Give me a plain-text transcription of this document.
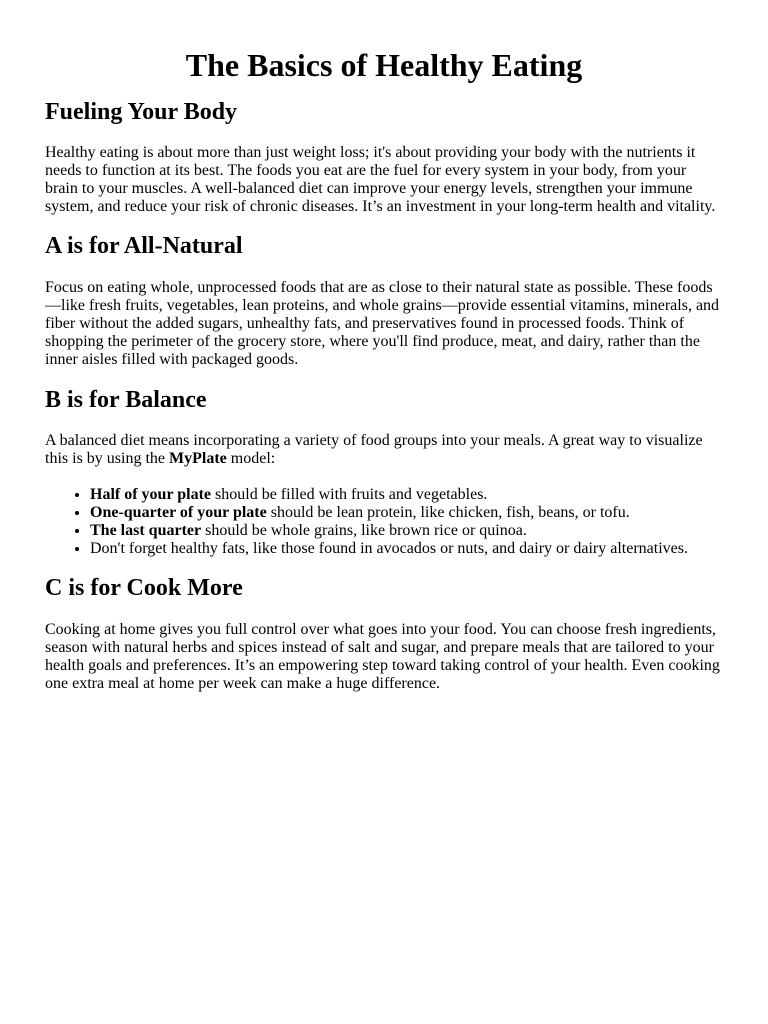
The Basics of Healthy Eating
Fueling Your Body

Healthy eating is about more than just weight loss; it's about providing your body with the nutrients it needs to function at its best. The foods you eat are the fuel for every system in your body, from your brain to your muscles. A well-balanced diet can improve your energy levels, strengthen your immune system, and reduce your risk of chronic diseases. It’s an investment in your long-term health and vitality.

A is for All-Natural

Focus on eating whole, unprocessed foods that are as close to their natural state as possible. These foods—like fresh fruits, vegetables, lean proteins, and whole grains—provide essential vitamins, minerals, and fiber without the added sugars, unhealthy fats, and preservatives found in processed foods. Think of shopping the perimeter of the grocery store, where you'll find produce, meat, and dairy, rather than the inner aisles filled with packaged goods.

B is for Balance

A balanced diet means incorporating a variety of food groups into your meals. A great way to visualize this is by using the MyPlate model:

• Half of your plate should be filled with fruits and vegetables.
• One-quarter of your plate should be lean protein, like chicken, fish, beans, or tofu.
• The last quarter should be whole grains, like brown rice or quinoa.
• Don't forget healthy fats, like those found in avocados or nuts, and dairy or dairy alternatives.
C is for Cook More

Cooking at home gives you full control over what goes into your food. You can choose fresh ingredients, season with natural herbs and spices instead of salt and sugar, and prepare meals that are tailored to your health goals and preferences. It’s an empowering step toward taking control of your health. Even cooking one extra meal at home per week can make a huge difference.
